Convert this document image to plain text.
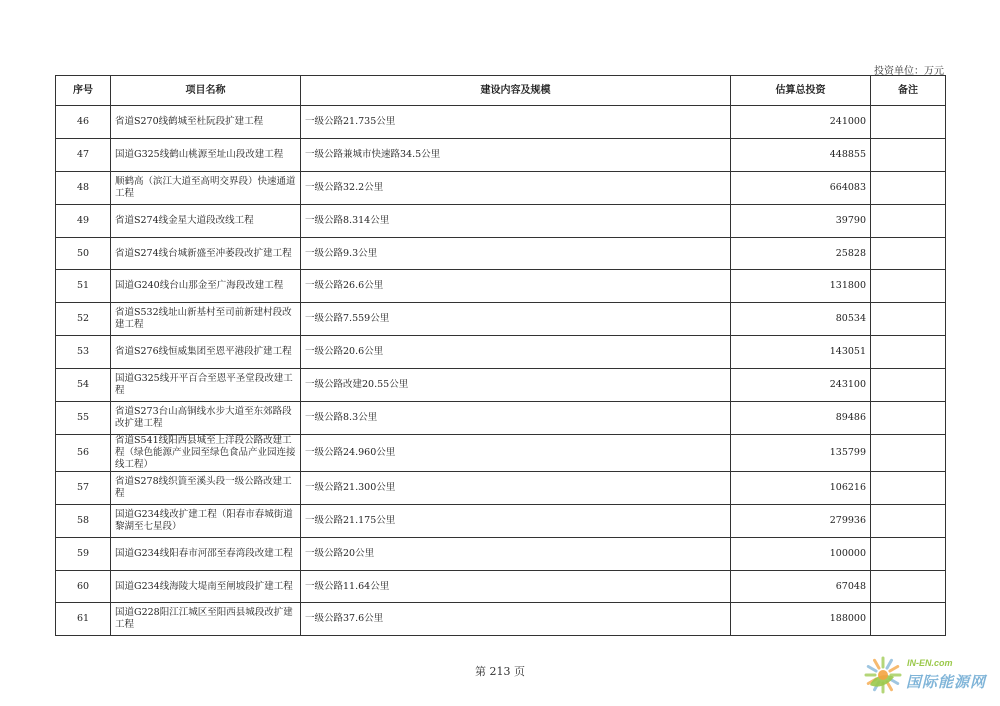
投资单位：万元
序号	项目名称	建设内容及规模	估算总投资	备注
46	省道S270线鹤城至杜阮段扩建工程	一级公路21.735公里	241000	
47	国道G325线鹤山桃源至址山段改建工程	一级公路兼城市快速路34.5公里	448855	
48	顺鹤高（滨江大道至高明交界段）快速通道工程	一级公路32.2公里	664083	
49	省道S274线金星大道段改线工程	一级公路8.314公里	39790	
50	省道S274线台城新盛至冲萎段改扩建工程	一级公路9.3公里	25828	
51	国道G240线台山那金至广海段改建工程	一级公路26.6公里	131800	
52	省道S532线址山新基村至司前新建村段改建工程	一级公路7.559公里	80534	
53	省道S276线恒威集团至恩平港段扩建工程	一级公路20.6公里	143051	
54	国道G325线开平百合至恩平圣堂段改建工程	一级公路改建20.55公里	243100	
55	省道S273台山高铜线水步大道至东郊路段改扩建工程	一级公路8.3公里	89486	
56	省道S541线阳西县城至上洋段公路改建工程（绿色能源产业园至绿色食品产业园连接线工程）	一级公路24.960公里	135799	
57	省道S278线织篢至溪头段一级公路改建工程	一级公路21.300公里	106216	
58	国道G234线改扩建工程（阳春市春城街道黎湖至七星段）	一级公路21.175公里	279936	
59	国道G234线阳春市河邵至春湾段改建工程	一级公路20公里	100000	
60	国道G234线海陵大堤南至闸坡段扩建工程	一级公路11.64公里	67048	
61	国道G228阳江江城区至阳西县城段改扩建工程	一级公路37.6公里	188000	
第 213 页
IN-EN.com
国际能源网
